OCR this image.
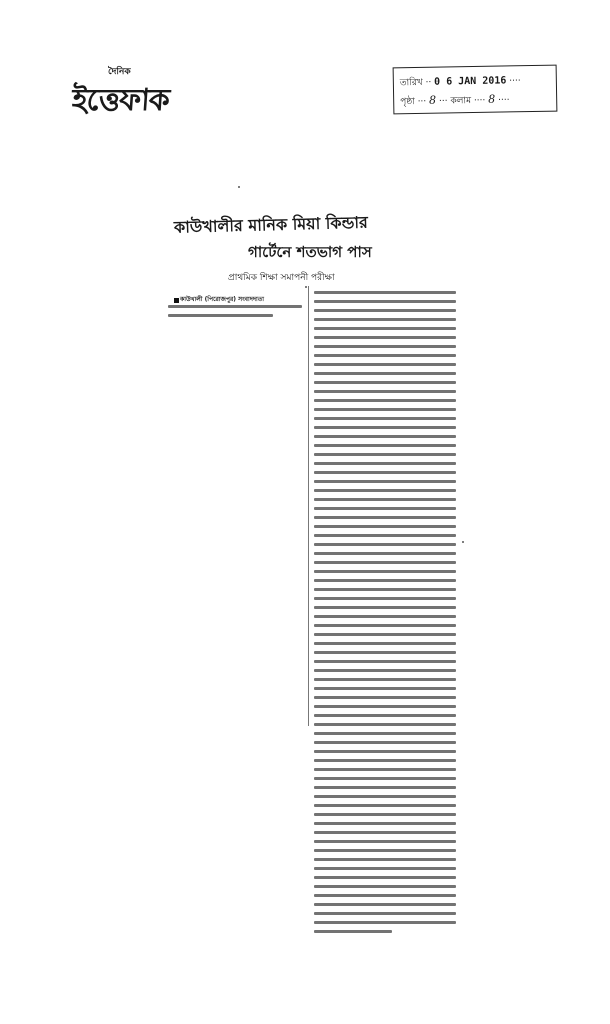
দৈনিক
ইত্তেফাক	তারিখ ·· 0 6 JAN 2016 ····
পৃষ্ঠা ··· 8 ··· কলাম ···· 8 ····
কাউখালীর মানিক মিয়া কিন্ডার
গার্টেনে শতভাগ পাস
প্রাথমিক শিক্ষা সমাপনী পরীক্ষা
কাউখালী (পিরোজপুর) সংবাদদাতা
